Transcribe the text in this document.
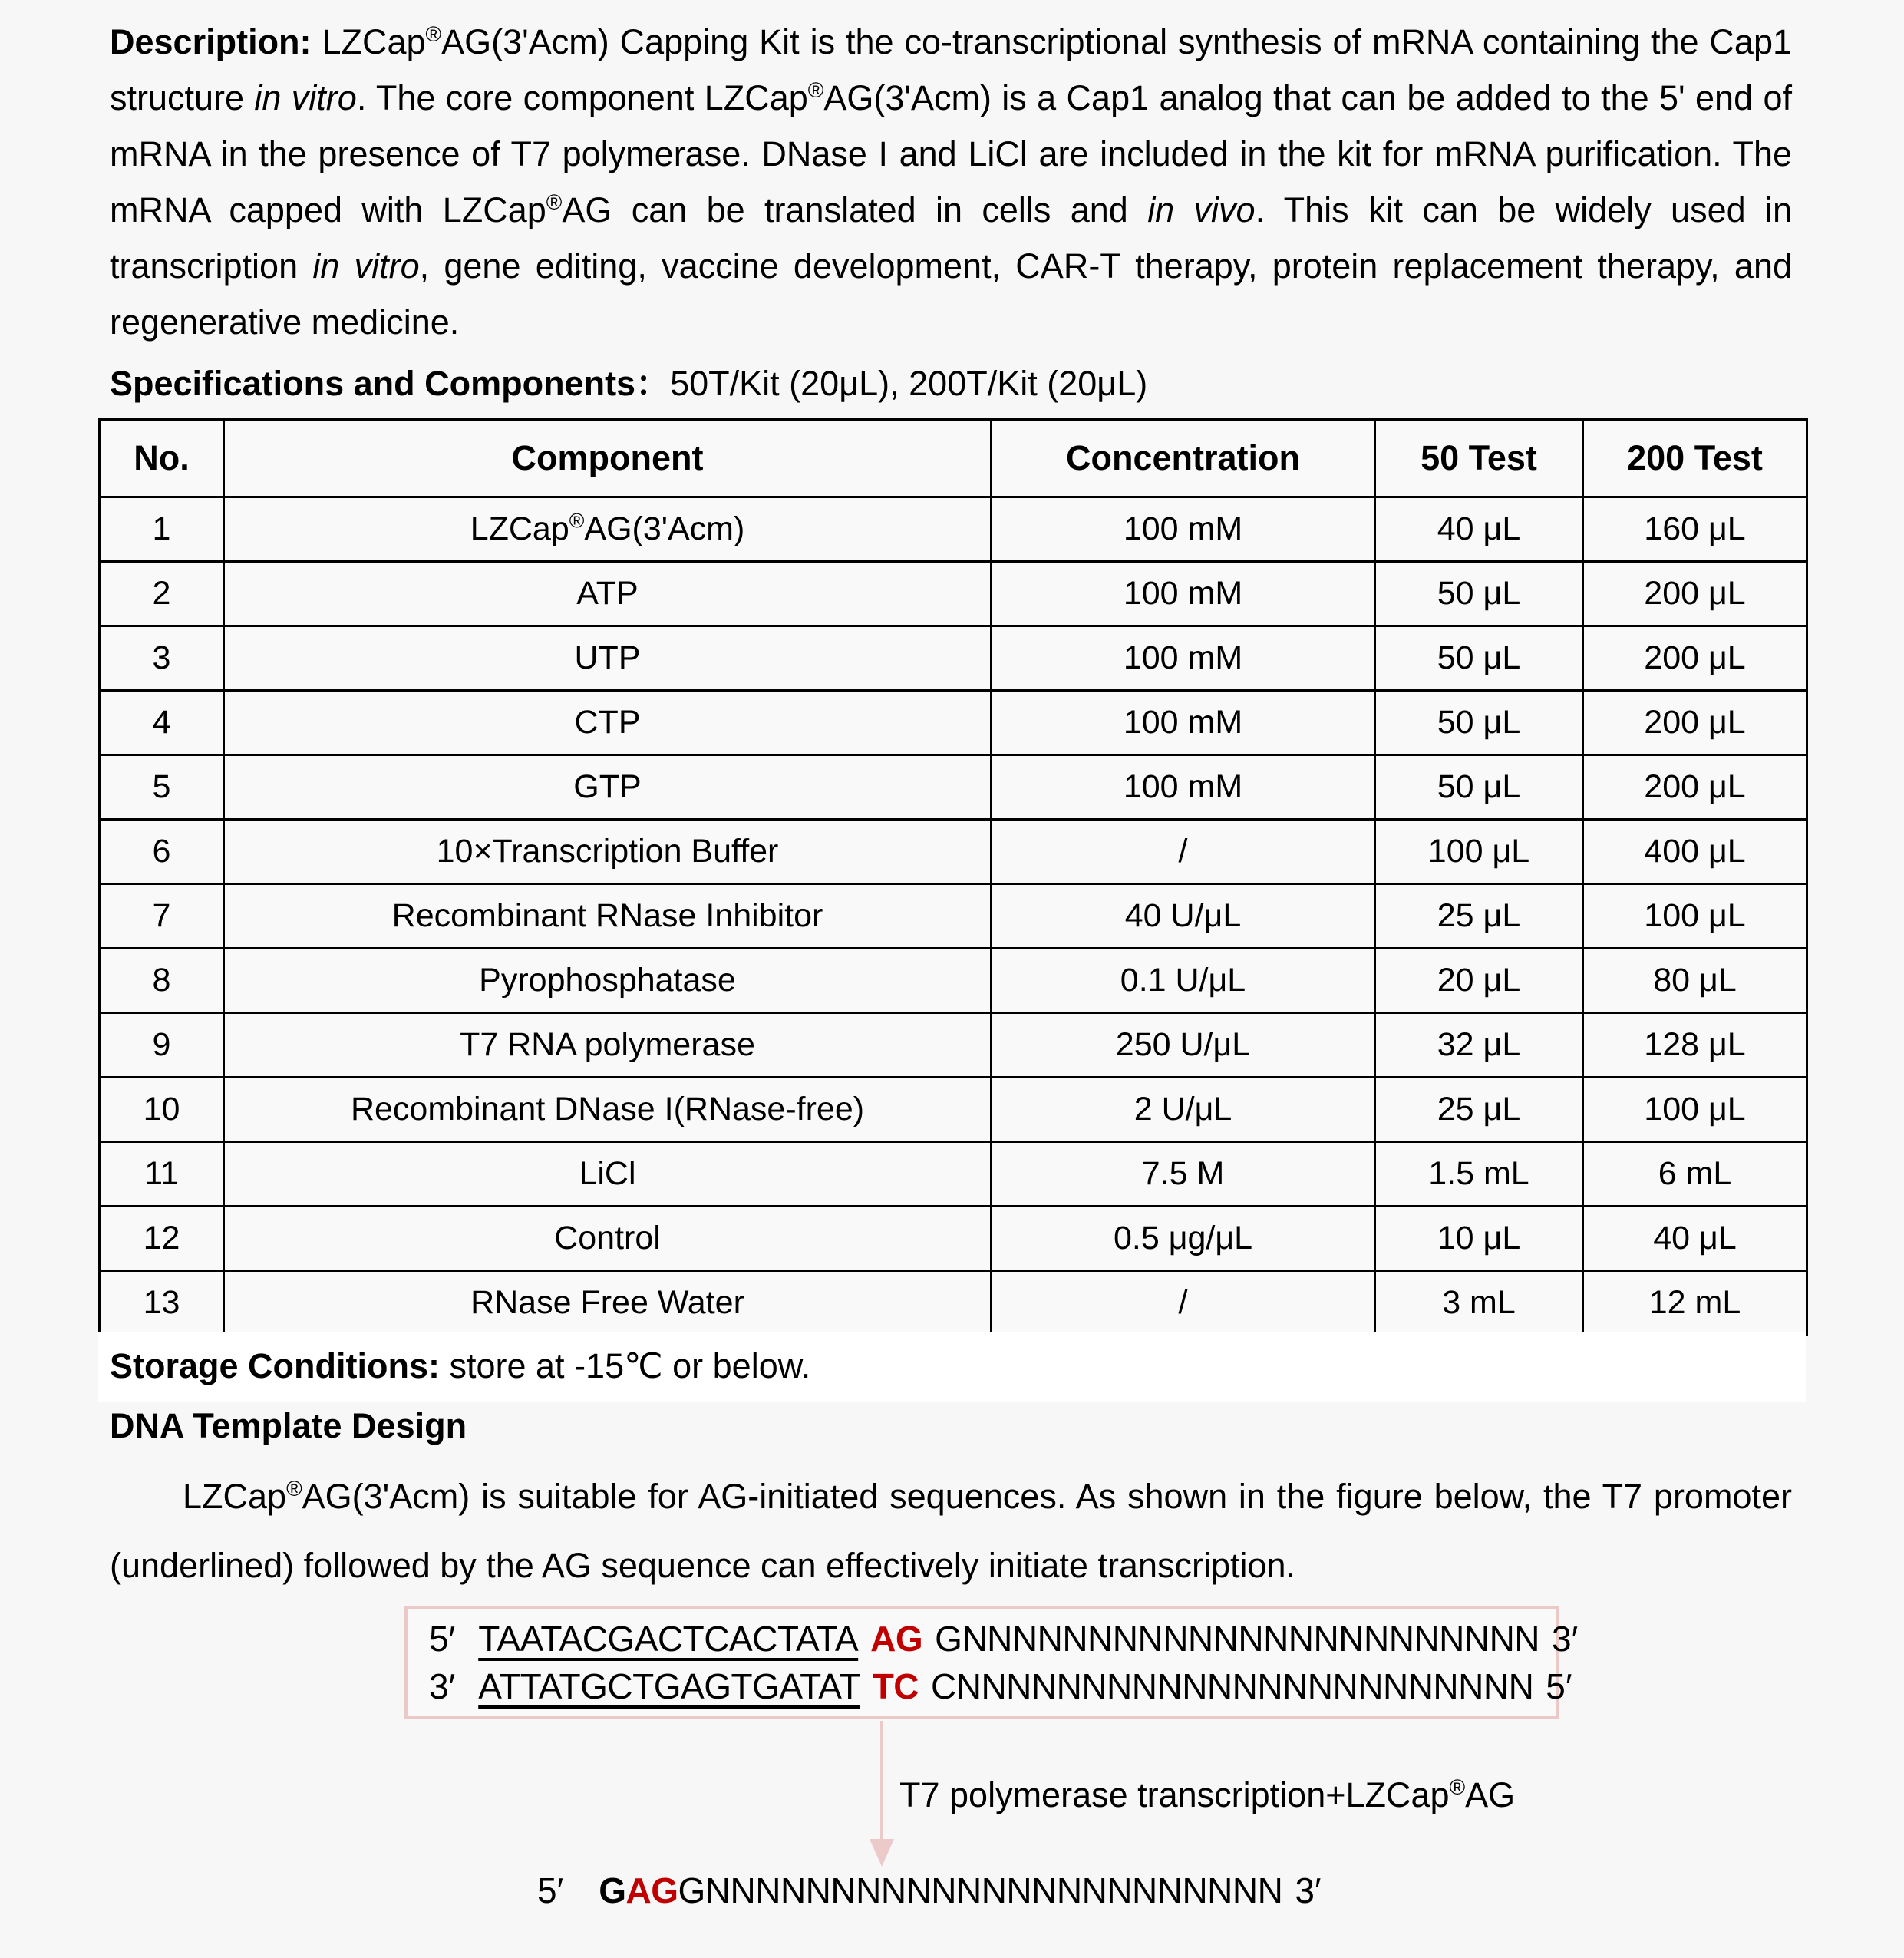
Description: LZCap®AG(3'Acm) Capping Kit is the co-transcriptional synthesis of mRNA containing the Cap1 structure in vitro. The core component LZCap®AG(3'Acm) is a Cap1 analog that can be added to the 5' end of mRNA in the presence of T7 polymerase. DNase I and LiCl are included in the kit for mRNA purification. The mRNA capped with LZCap®AG can be translated in cells and in vivo. This kit can be widely used in transcription in vitro, gene editing, vaccine development, CAR-T therapy, protein replacement therapy, and regenerative medicine.
Specifications and Components：50T/Kit (20μL), 200T/Kit (20μL)
No.	Component	Concentration	50 Test	200 Test
1	LZCap®AG(3'Acm)	100 mM	40 μL	160 μL
2	ATP	100 mM	50 μL	200 μL
3	UTP	100 mM	50 μL	200 μL
4	CTP	100 mM	50 μL	200 μL
5	GTP	100 mM	50 μL	200 μL
6	10×Transcription Buffer	/	100 μL	400 μL
7	Recombinant RNase Inhibitor	40 U/μL	25 μL	100 μL
8	Pyrophosphatase	0.1 U/μL	20 μL	80 μL
9	T7 RNA polymerase	250 U/μL	32 μL	128 μL
10	Recombinant DNase I(RNase-free)	2 U/μL	25 μL	100 μL
11	LiCl	7.5 M	1.5 mL	6 mL
12	Control	0.5 μg/μL	10 μL	40 μL
13	RNase Free Water	/	3 mL	12 mL
Storage Conditions: store at -15℃ or below.
DNA Template Design
LZCap®AG(3'Acm) is suitable for AG-initiated sequences. As shown in the figure below, the T7 promoter (underlined) followed by the AG sequence can effectively initiate transcription.
5′ TAATACGACTCACTATA AG GNNNNNNNNNNNNNNNNNNNNNNN 3′
3′ ATTATGCTGAGTGATAT TC CNNNNNNNNNNNNNNNNNNNNNNN 5′
T7 polymerase transcription+LZCap®AG
5′ GAGGNNNNNNNNNNNNNNNNNNNNNNN 3′
